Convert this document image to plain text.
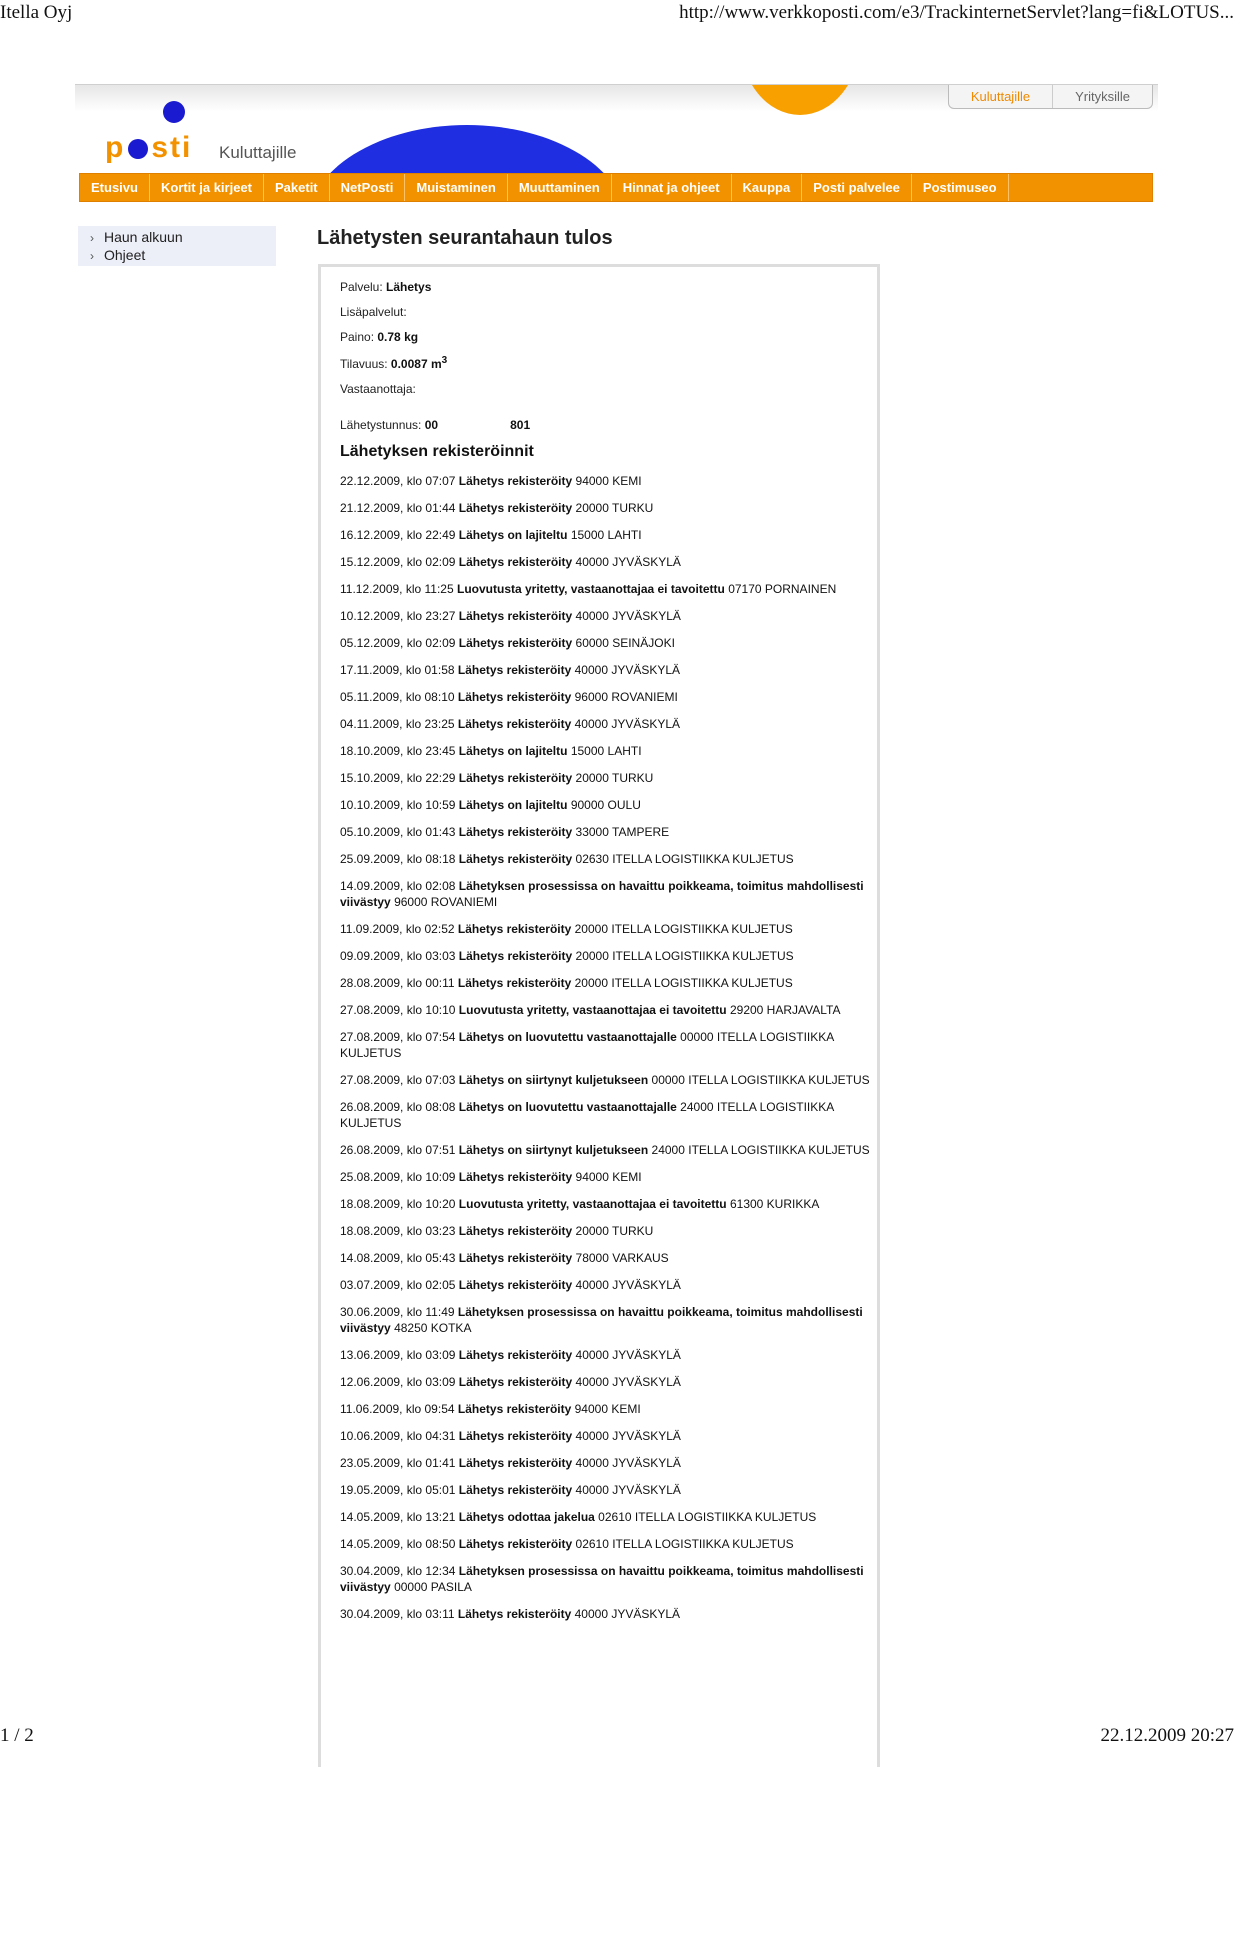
Itella Oyj	http://www.verkkoposti.com/e3/TrackinternetServlet?lang=fi&LOTUS...
p sti Kuluttajille
Kuluttajille	Yrityksille
Etusivu	Kortit ja kirjeet	Paketit	NetPosti	Muistaminen	Muuttaminen	Hinnat ja ohjeet	Kauppa	Posti palvelee	Postimuseo
› Haun alkuun
› Ohjeet
Lähetysten seurantahaun tulos
Palvelu: Lähetys
Lisäpalvelut:
Paino: 0.78 kg
Tilavuus: 0.0087 $m^3$
Vastaanottaja:
Lähetystunnus: 00	801
Lähetyksen rekisteröinnit
22.12.2009, klo 07:07 Lähetys rekisteröity 94000 KEMI
21.12.2009, klo 01:44 Lähetys rekisteröity 20000 TURKU
16.12.2009, klo 22:49 Lähetys on lajiteltu 15000 LAHTI
15.12.2009, klo 02:09 Lähetys rekisteröity 40000 JYVÄSKYLÄ
11.12.2009, klo 11:25 Luovutusta yritetty, vastaanottajaa ei tavoitettu 07170 PORNAINEN
10.12.2009, klo 23:27 Lähetys rekisteröity 40000 JYVÄSKYLÄ
05.12.2009, klo 02:09 Lähetys rekisteröity 60000 SEINÄJOKI
17.11.2009, klo 01:58 Lähetys rekisteröity 40000 JYVÄSKYLÄ
05.11.2009, klo 08:10 Lähetys rekisteröity 96000 ROVANIEMI
04.11.2009, klo 23:25 Lähetys rekisteröity 40000 JYVÄSKYLÄ
18.10.2009, klo 23:45 Lähetys on lajiteltu 15000 LAHTI
15.10.2009, klo 22:29 Lähetys rekisteröity 20000 TURKU
10.10.2009, klo 10:59 Lähetys on lajiteltu 90000 OULU
05.10.2009, klo 01:43 Lähetys rekisteröity 33000 TAMPERE
25.09.2009, klo 08:18 Lähetys rekisteröity 02630 ITELLA LOGISTIIKKA KULJETUS
14.09.2009, klo 02:08 Lähetyksen prosessissa on havaittu poikkeama, toimitus mahdollisesti viivästyy 96000 ROVANIEMI
11.09.2009, klo 02:52 Lähetys rekisteröity 20000 ITELLA LOGISTIIKKA KULJETUS
09.09.2009, klo 03:03 Lähetys rekisteröity 20000 ITELLA LOGISTIIKKA KULJETUS
28.08.2009, klo 00:11 Lähetys rekisteröity 20000 ITELLA LOGISTIIKKA KULJETUS
27.08.2009, klo 10:10 Luovutusta yritetty, vastaanottajaa ei tavoitettu 29200 HARJAVALTA
27.08.2009, klo 07:54 Lähetys on luovutettu vastaanottajalle 00000 ITELLA LOGISTIIKKA KULJETUS
27.08.2009, klo 07:03 Lähetys on siirtynyt kuljetukseen 00000 ITELLA LOGISTIIKKA KULJETUS
26.08.2009, klo 08:08 Lähetys on luovutettu vastaanottajalle 24000 ITELLA LOGISTIIKKA KULJETUS
26.08.2009, klo 07:51 Lähetys on siirtynyt kuljetukseen 24000 ITELLA LOGISTIIKKA KULJETUS
25.08.2009, klo 10:09 Lähetys rekisteröity 94000 KEMI
18.08.2009, klo 10:20 Luovutusta yritetty, vastaanottajaa ei tavoitettu 61300 KURIKKA
18.08.2009, klo 03:23 Lähetys rekisteröity 20000 TURKU
14.08.2009, klo 05:43 Lähetys rekisteröity 78000 VARKAUS
03.07.2009, klo 02:05 Lähetys rekisteröity 40000 JYVÄSKYLÄ
30.06.2009, klo 11:49 Lähetyksen prosessissa on havaittu poikkeama, toimitus mahdollisesti viivästyy 48250 KOTKA
13.06.2009, klo 03:09 Lähetys rekisteröity 40000 JYVÄSKYLÄ
12.06.2009, klo 03:09 Lähetys rekisteröity 40000 JYVÄSKYLÄ
11.06.2009, klo 09:54 Lähetys rekisteröity 94000 KEMI
10.06.2009, klo 04:31 Lähetys rekisteröity 40000 JYVÄSKYLÄ
23.05.2009, klo 01:41 Lähetys rekisteröity 40000 JYVÄSKYLÄ
19.05.2009, klo 05:01 Lähetys rekisteröity 40000 JYVÄSKYLÄ
14.05.2009, klo 13:21 Lähetys odottaa jakelua 02610 ITELLA LOGISTIIKKA KULJETUS
14.05.2009, klo 08:50 Lähetys rekisteröity 02610 ITELLA LOGISTIIKKA KULJETUS
30.04.2009, klo 12:34 Lähetyksen prosessissa on havaittu poikkeama, toimitus mahdollisesti viivästyy 00000 PASILA
30.04.2009, klo 03:11 Lähetys rekisteröity 40000 JYVÄSKYLÄ
1 / 2	22.12.2009 20:27
